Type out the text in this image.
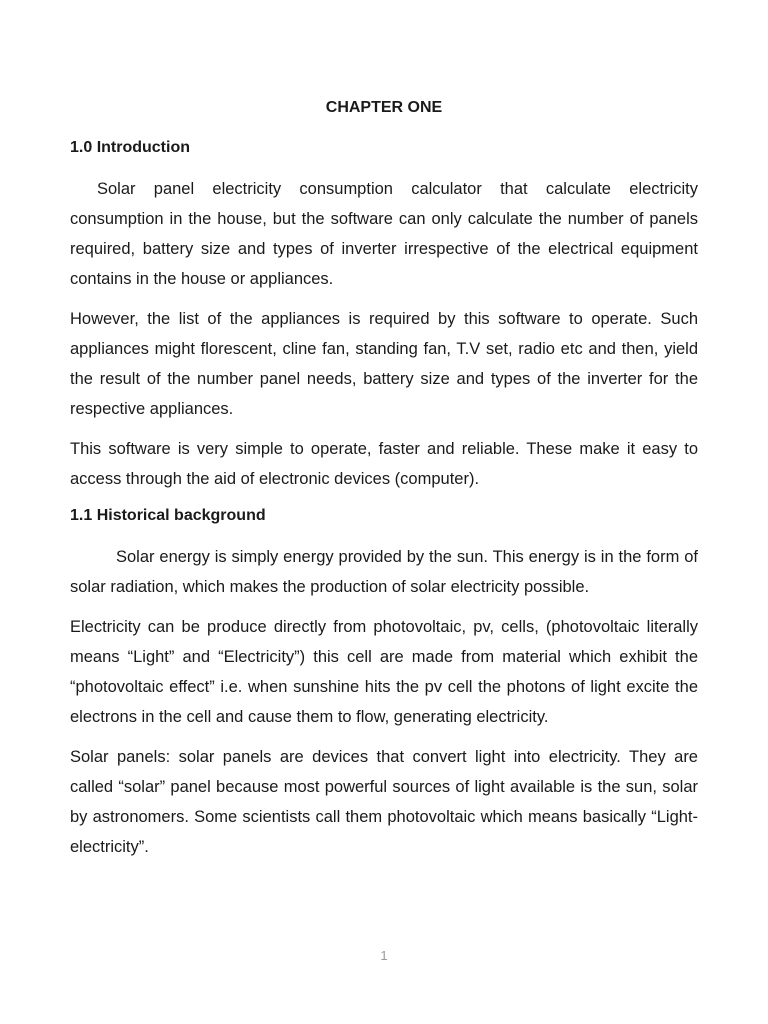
CHAPTER ONE
1.0 Introduction

Solar panel electricity consumption calculator that calculate electricity consumption in the house, but the software can only calculate the number of panels required, battery size and types of inverter irrespective of the electrical equipment contains in the house or appliances.

However, the list of the appliances is required by this software to operate. Such appliances might florescent, cline fan, standing fan, T.V set, radio etc and then, yield the result of the number panel needs, battery size and types of the inverter for the respective appliances.

This software is very simple to operate, faster and reliable. These make it easy to access through the aid of electronic devices (computer).

1.1 Historical background

Solar energy is simply energy provided by the sun. This energy is in the form of solar radiation, which makes the production of solar electricity possible.

Electricity can be produce directly from photovoltaic, pv, cells, (photovoltaic literally means “Light” and “Electricity”) this cell are made from material which exhibit the “photovoltaic effect” i.e. when sunshine hits the pv cell the photons of light excite the electrons in the cell and cause them to flow, generating electricity.

Solar panels: solar panels are devices that convert light into electricity. They are called “solar” panel because most powerful sources of light available is the sun, solar by astronomers. Some scientists call them photovoltaic which means basically “Light-electricity”.

1
